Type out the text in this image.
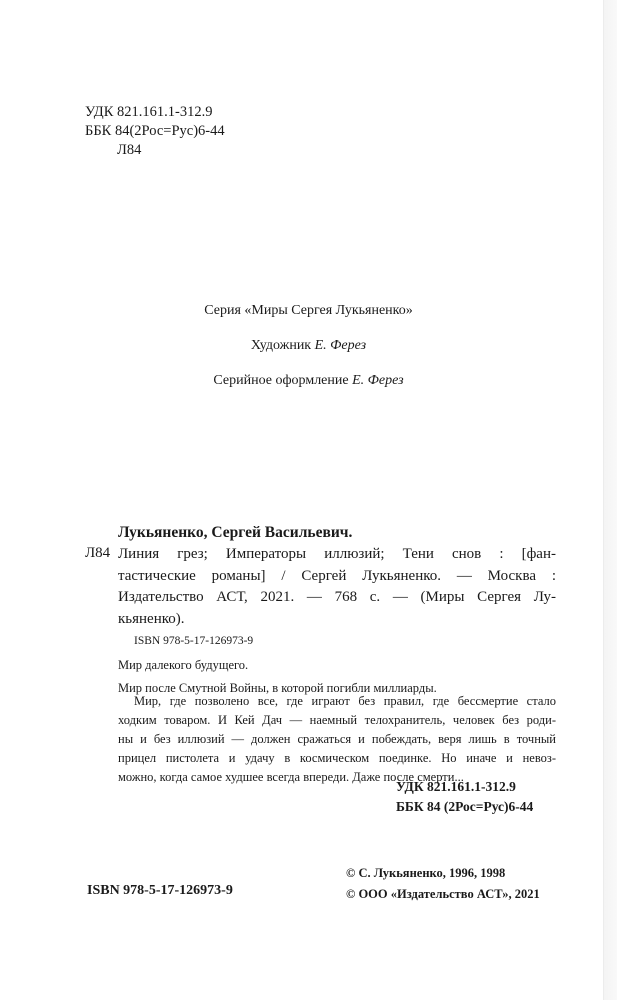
УДК 821.161.1-312.9
ББК 84(2Рос=Рус)6-44
Л84
Серия «Миры Сергея Лукьяненко»
Художник Е. Ферез
Серийное оформление Е. Ферез
Лукьяненко, Сергей Васильевич.
Л84 Линия грез; Императоры иллюзий; Тени снов : [фан-
тастические романы] / Сергей Лукьяненко. — Москва :
Издательство АСТ, 2021. — 768 с. — (Миры Сергея Лу-
кьяненко).
ISBN 978-5-17-126973-9
Мир далекого будущего.
Мир после Смутной Войны, в которой погибли миллиарды.
Мир, где позволено все, где играют без правил, где бессмертие стало
ходким товаром. И Кей Дач — наемный телохранитель, человек без роди-
ны и без иллюзий — должен сражаться и побеждать, веря лишь в точный
прицел пистолета и удачу в космическом поединке. Но иначе и невоз-
можно, когда самое худшее всегда впереди. Даже после смерти...
УДК 821.161.1-312.9
ББК 84 (2Рос=Рус)6-44
ISBN 978-5-17-126973-9
© С. Лукьяненко, 1996, 1998
© ООО «Издательство АСТ», 2021
